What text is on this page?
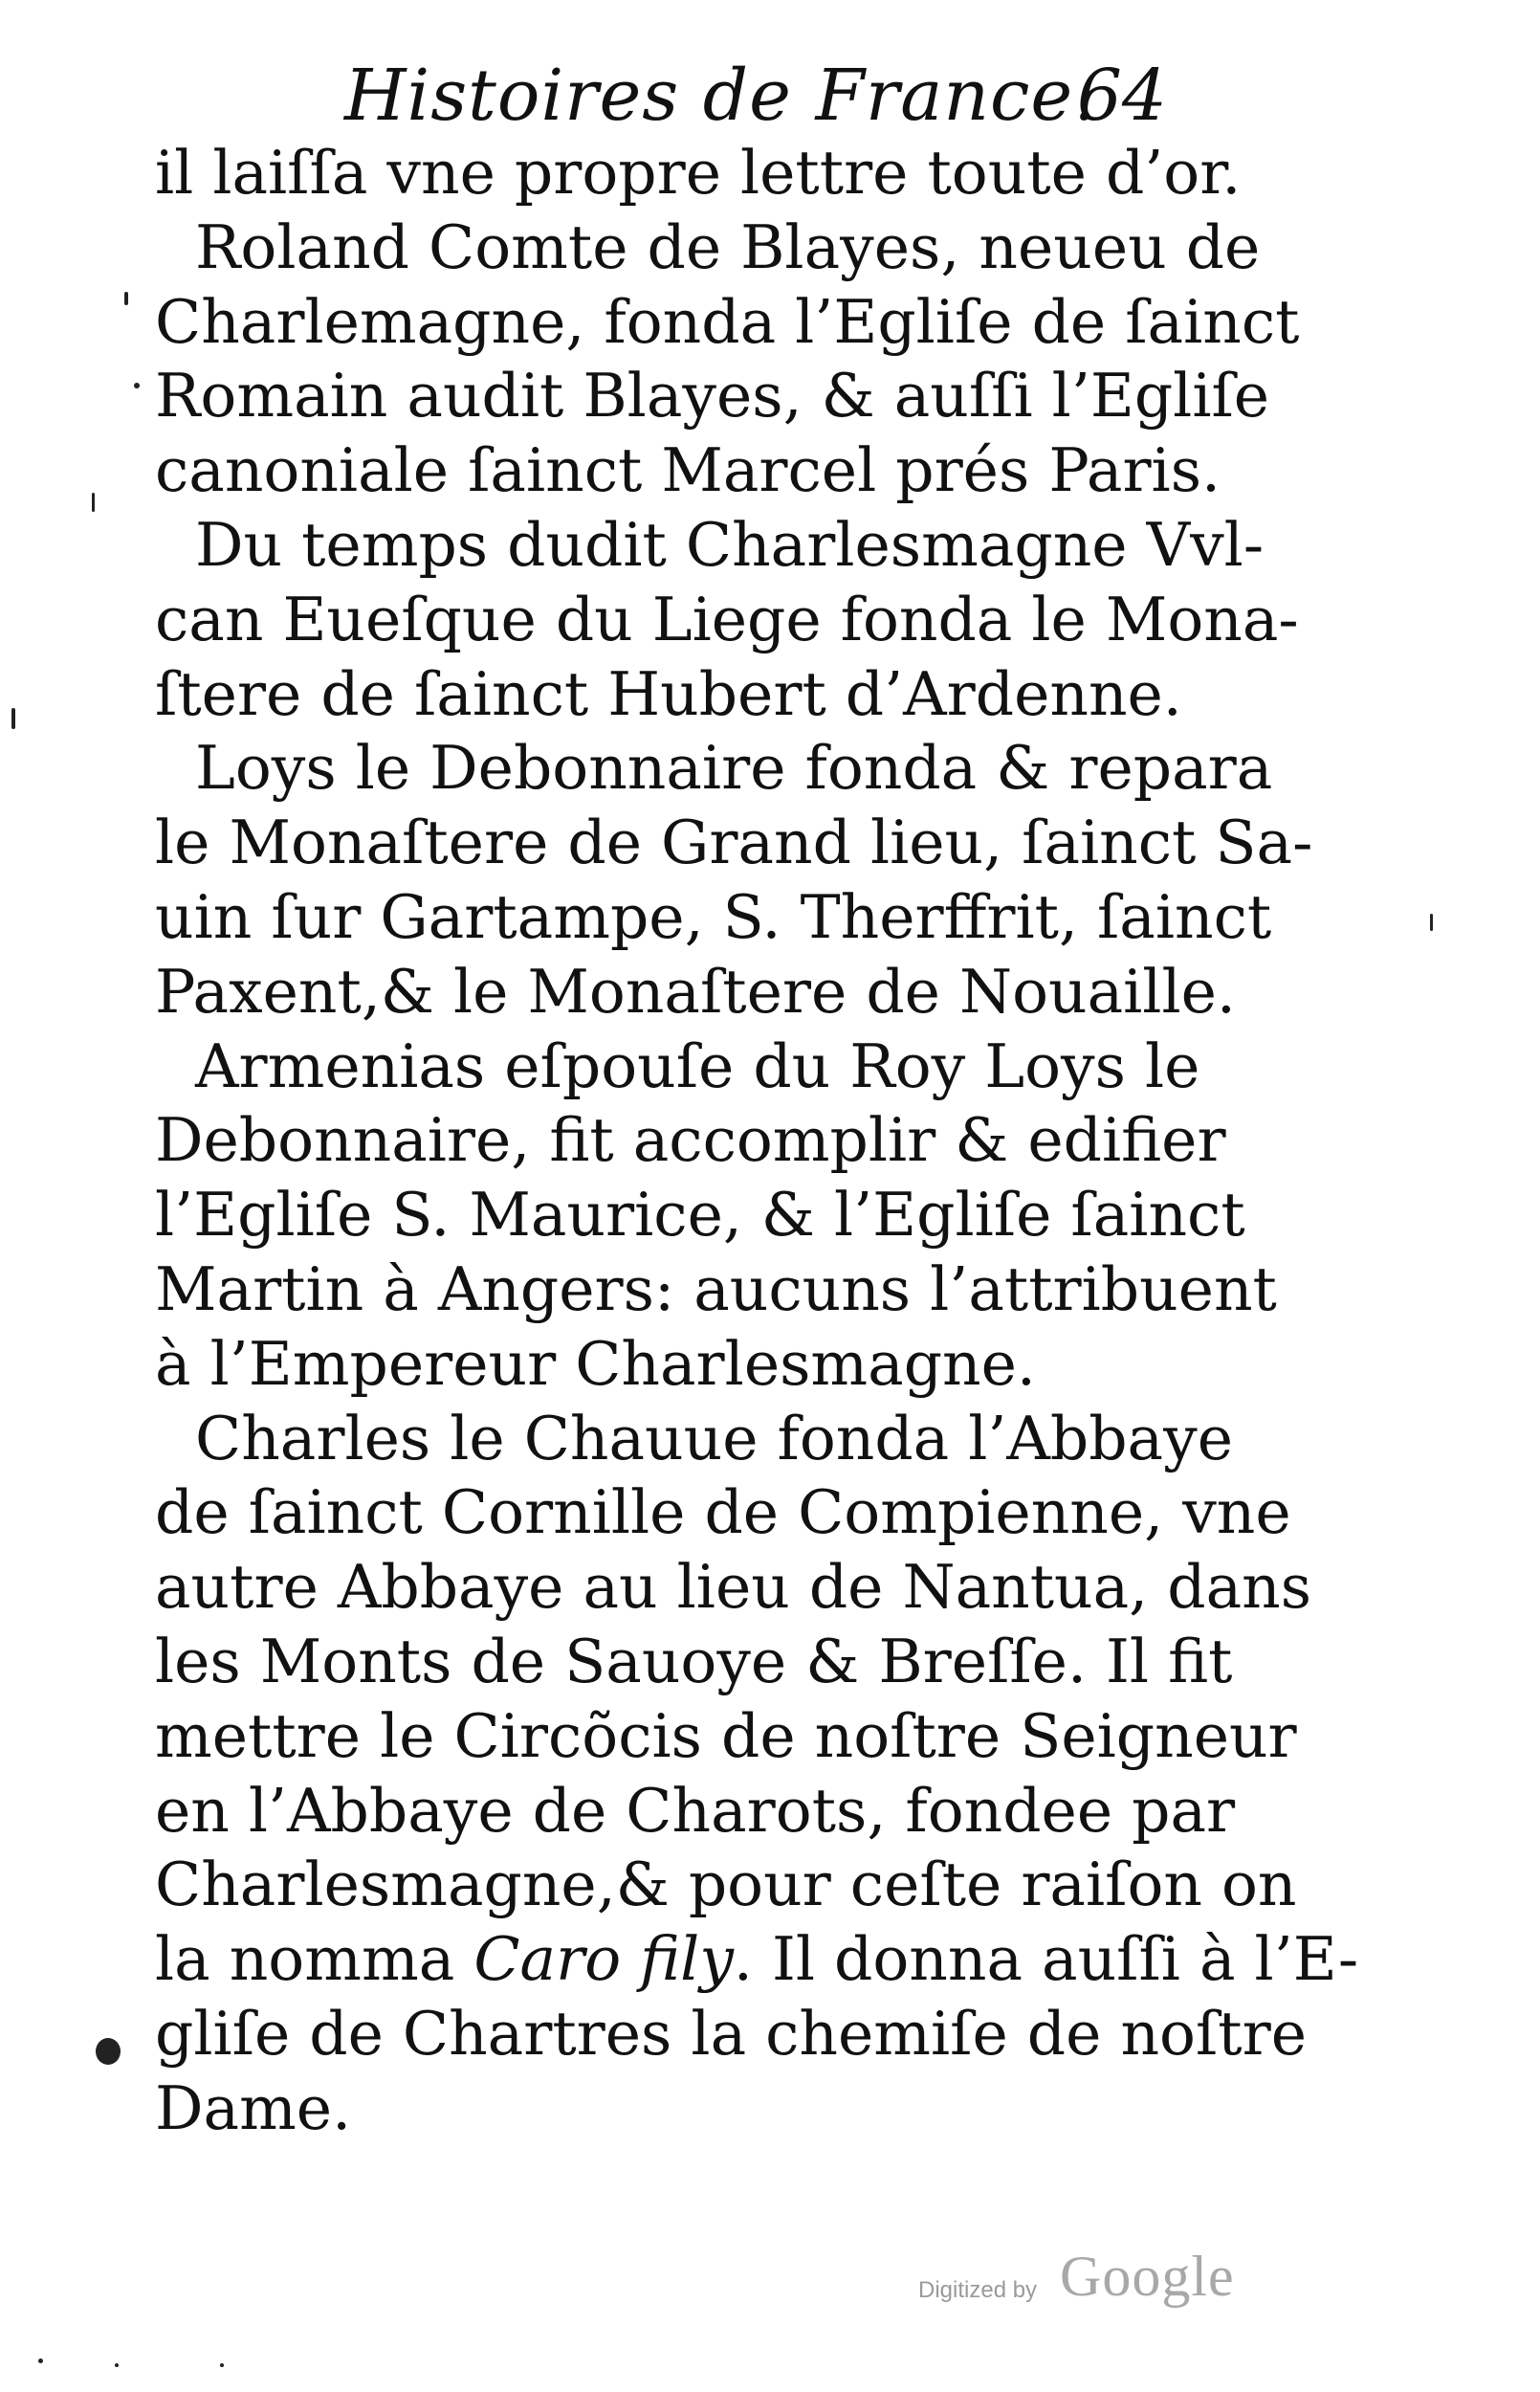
Histoires de France.
64
il laiſſa vne propre lettre toute d’or.
Roland Comte de Blayes, neueu de
Charlemagne, fonda l’Egliſe de ſainct
Romain audit Blayes, & auſſi l’Egliſe
canoniale ſainct Marcel prés Paris.
Du temps dudit Charlesmagne Vvl-
can Eueſque du Liege fonda le Mona-
ſtere de ſainct Hubert d’Ardenne.
Loys le Debonnaire fonda & repara
le Monaſtere de Grand lieu, ſainct Sa-
uin ſur Gartampe, S. Therffrit, ſainct
Paxent,& le Monaſtere de Nouaille.
Armenias eſpouſe du Roy Loys le
Debonnaire, fit accomplir & edifier
l’Egliſe S. Maurice, & l’Egliſe ſainct
Martin à Angers: aucuns l’attribuent
à l’Empereur Charlesmagne.
Charles le Chauue fonda l’Abbaye
de ſainct Cornille de Compienne, vne
autre Abbaye au lieu de Nantua, dans
les Monts de Sauoye & Breſſe. Il fit
mettre le Circõcis de noſtre Seigneur
en l’Abbaye de Charots, fondee par
Charlesmagne,& pour ceſte raiſon on
la nomma Caro fily. Il donna auſſi à l’E-
gliſe de Chartres la chemiſe de noſtre
Dame.
Digitized by Google
